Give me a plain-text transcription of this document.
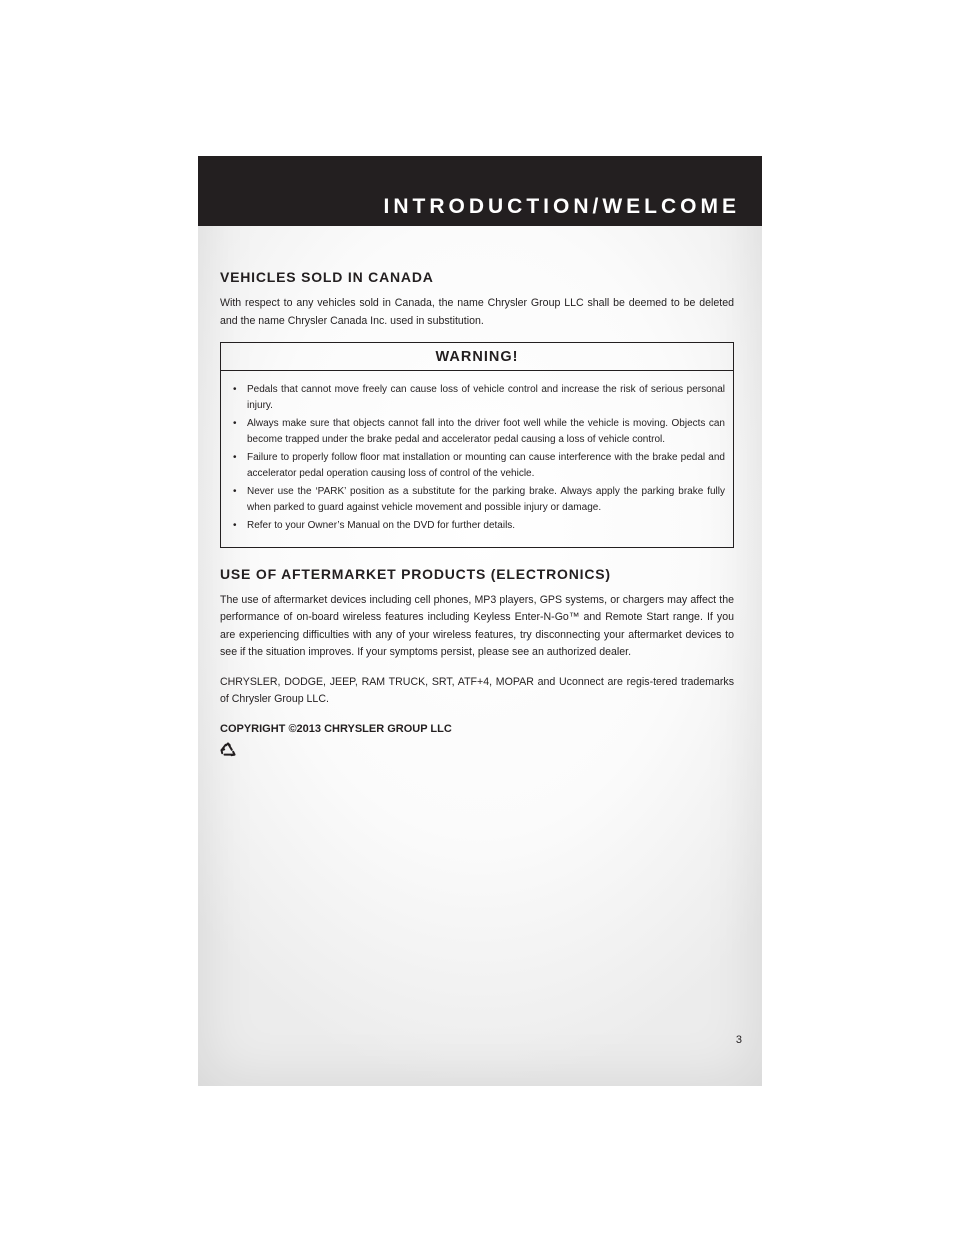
INTRODUCTION/WELCOME
VEHICLES SOLD IN CANADA

With respect to any vehicles sold in Canada, the name Chrysler Group LLC shall be deemed to be deleted and the name Chrysler Canada Inc. used in substitution.

WARNING!
• Pedals that cannot move freely can cause loss of vehicle control and increase the risk of serious personal injury.
• Always make sure that objects cannot fall into the driver foot well while the vehicle is moving. Objects can become trapped under the brake pedal and accelerator pedal causing a loss of vehicle control.
• Failure to properly follow floor mat installation or mounting can cause interference with the brake pedal and accelerator pedal operation causing loss of control of the vehicle.
• Never use the ‘PARK’ position as a substitute for the parking brake. Always apply the parking brake fully when parked to guard against vehicle movement and possible injury or damage.
• Refer to your Owner’s Manual on the DVD for further details.
USE OF AFTERMARKET PRODUCTS (ELECTRONICS)

The use of aftermarket devices including cell phones, MP3 players, GPS systems, or chargers may affect the performance of on-board wireless features including Keyless Enter-N-Go™ and Remote Start range. If you are experiencing difficulties with any of your wireless features, try disconnecting your aftermarket devices to see if the situation improves. If your symptoms persist, please see an authorized dealer.

CHRYSLER, DODGE, JEEP, RAM TRUCK, SRT, ATF+4, MOPAR and Uconnect are regis-tered trademarks of Chrysler Group LLC.

COPYRIGHT ©2013 CHRYSLER GROUP LLC

3
